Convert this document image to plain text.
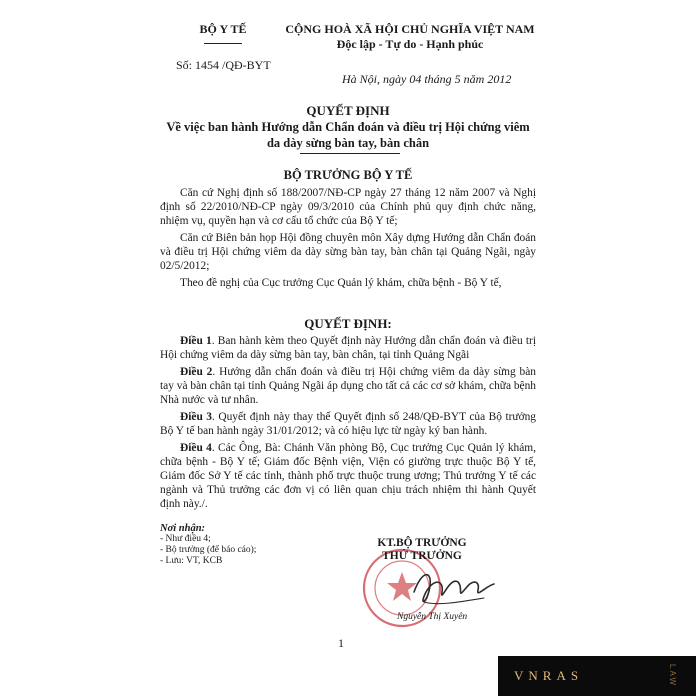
BỘ Y TẾ	CỘNG HOÀ XÃ HỘI CHỦ NGHĨA VIỆT NAM
Độc lập - Tự do - Hạnh phúc
Số: 1454 /QĐ-BYT
Hà Nội, ngày 04 tháng 5 năm 2012
QUYẾT ĐỊNH
Về việc ban hành Hướng dẫn Chẩn đoán và điều trị Hội chứng viêm da dày sừng bàn tay, bàn chân
BỘ TRƯỞNG BỘ Y TẾ

Căn cứ Nghị định số 188/2007/NĐ-CP ngày 27 tháng 12 năm 2007 và Nghị định số 22/2010/NĐ-CP ngày 09/3/2010 của Chính phủ quy định chức năng, nhiệm vụ, quyền hạn và cơ cấu tổ chức của Bộ Y tế;

Căn cứ Biên bản họp Hội đồng chuyên môn Xây dựng Hướng dẫn Chẩn đoán và điều trị Hội chứng viêm da dày sừng bàn tay, bàn chân tại Quảng Ngãi, ngày 02/5/2012;

Theo đề nghị của Cục trưởng Cục Quản lý khám, chữa bệnh - Bộ Y tế,

QUYẾT ĐỊNH:

Điều 1. Ban hành kèm theo Quyết định này Hướng dẫn chẩn đoán và điều trị Hội chứng viêm da dày sừng bàn tay, bàn chân, tại tỉnh Quảng Ngãi

Điều 2. Hướng dẫn chẩn đoán và điều trị Hội chứng viêm da dày sừng bàn tay và bàn chân tại tỉnh Quảng Ngãi áp dụng cho tất cả các cơ sở khám, chữa bệnh Nhà nước và tư nhân.

Điều 3. Quyết định này thay thế Quyết định số 248/QĐ-BYT của Bộ trưởng Bộ Y tế ban hành ngày 31/01/2012; và có hiệu lực từ ngày ký ban hành.

Điều 4. Các Ông, Bà: Chánh Văn phòng Bộ, Cục trưởng Cục Quản lý khám, chữa bệnh - Bộ Y tế; Giám đốc Bệnh viện, Viện có giường trực thuộc Bộ Y tế, Giám đốc Sở Y tế các tỉnh, thành phố trực thuộc trung ương; Thủ trưởng Y tế các ngành và Thủ trưởng các đơn vị có liên quan chịu trách nhiệm thi hành Quyết định này./.

Nơi nhận:
- Như điều 4;
- Bộ trưởng (để báo cáo);
- Lưu: VT, KCB
KT.BỘ TRƯỞNG
THỨ TRƯỞNG
Nguyễn Thị Xuyên
1
VNRAS	LAW
